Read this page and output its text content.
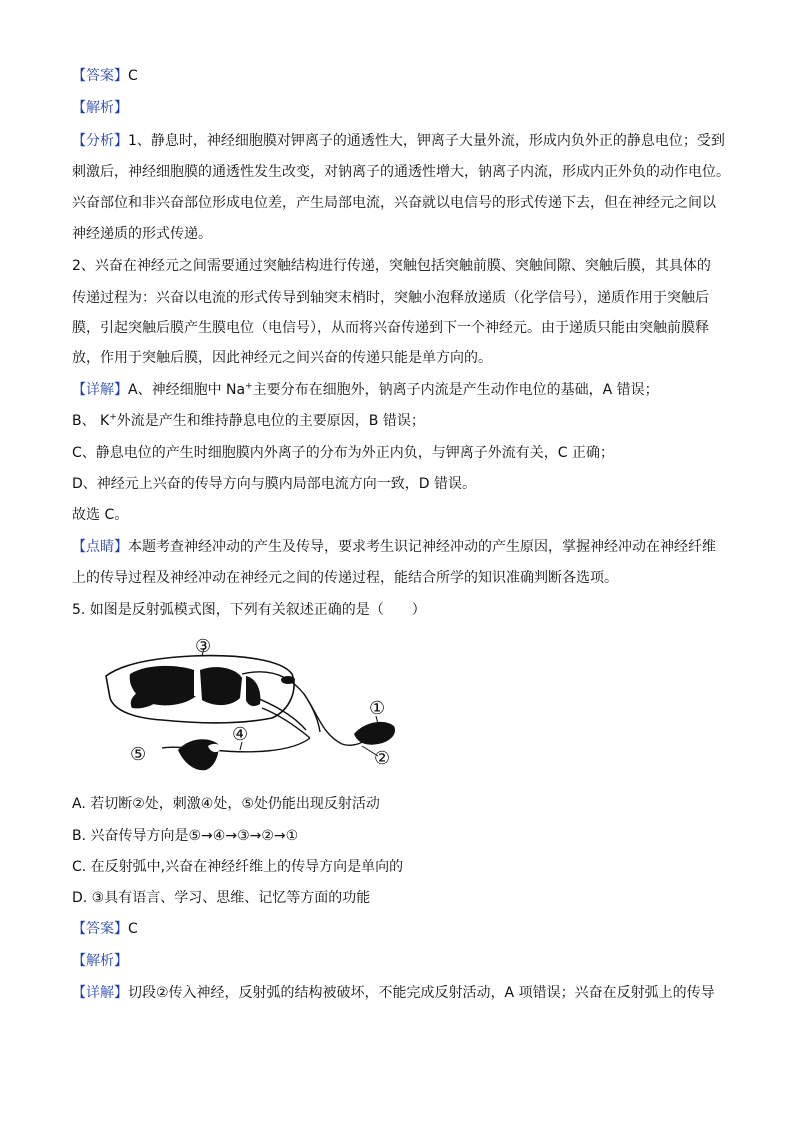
【答案】C
【解析】
【分析】1、静息时，神经细胞膜对钾离子的通透性大，钾离子大量外流，形成内负外正的静息电位；受到
刺激后，神经细胞膜的通透性发生改变，对钠离子的通透性增大，钠离子内流，形成内正外负的动作电位。
兴奋部位和非兴奋部位形成电位差，产生局部电流，兴奋就以电信号的形式传递下去，但在神经元之间以
神经递质的形式传递。
2、兴奋在神经元之间需要通过突触结构进行传递，突触包括突触前膜、突触间隙、突触后膜，其具体的
传递过程为：兴奋以电流的形式传导到轴突末梢时，突触小泡释放递质（化学信号），递质作用于突触后
膜，引起突触后膜产生膜电位（电信号），从而将兴奋传递到下一个神经元。由于递质只能由突触前膜释
放，作用于突触后膜，因此神经元之间兴奋的传递只能是单方向的。
【详解】A、神经细胞中 Na+主要分布在细胞外，钠离子内流是产生动作电位的基础，A 错误；
B、 K+外流是产生和维持静息电位的主要原因，B 错误；
C、静息电位的产生时细胞膜内外离子的分布为外正内负，与钾离子外流有关，C 正确；
D、神经元上兴奋的传导方向与膜内局部电流方向一致，D 错误。
故选 C。
【点睛】本题考查神经冲动的产生及传导，要求考生识记神经冲动的产生原因，掌握神经冲动在神经纤维
上的传导过程及神经冲动在神经元之间的传递过程，能结合所学的知识准确判断各选项。
5. 如图是反射弧模式图，下列有关叙述正确的是（　　）
③
①
②
④
⑤
A. 若切断②处，刺激④处，⑤处仍能出现反射活动
B. 兴奋传导方向是⑤→④→③→②→①
C. 在反射弧中,兴奋在神经纤维上的传导方向是单向的
D. ③具有语言、学习、思维、记忆等方面的功能
【答案】C
【解析】
【详解】切段②传入神经，反射弧的结构被破坏，不能完成反射活动，A 项错误；兴奋在反射弧上的传导
